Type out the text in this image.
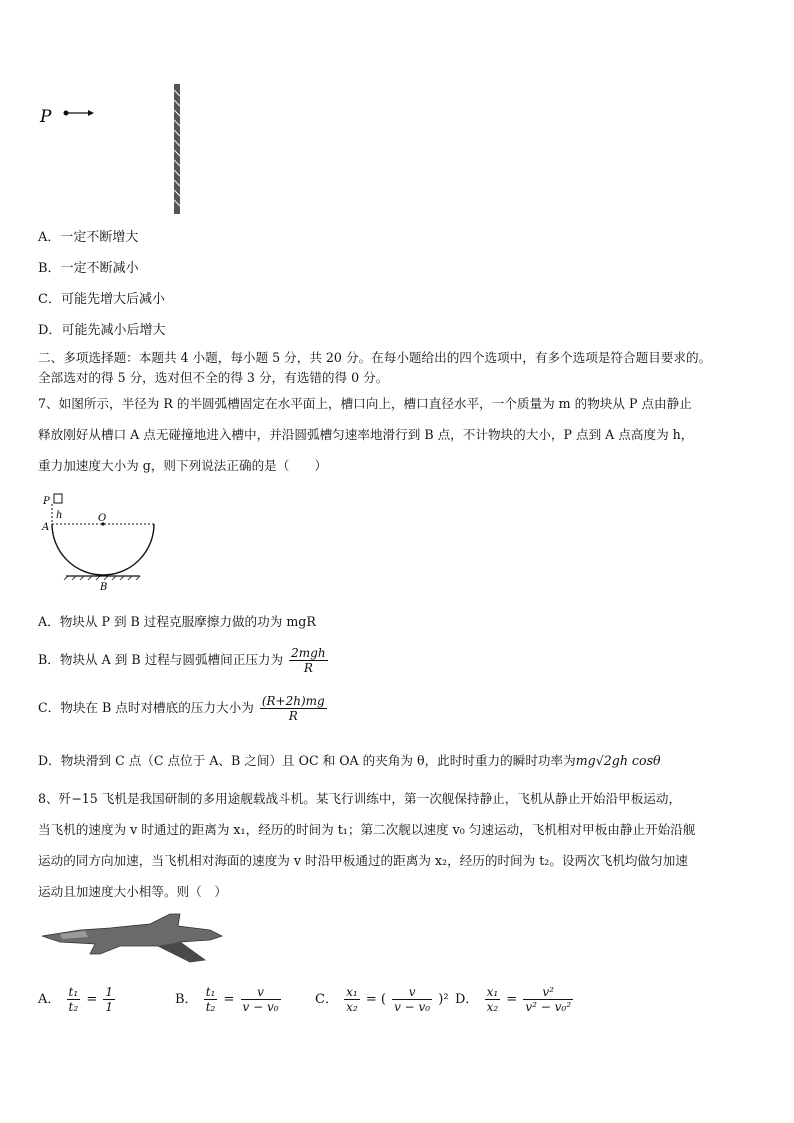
P
A．一定不断增大
B．一定不断减小
C．可能先增大后减小
D．可能先减小后增大
二、多项选择题：本题共 4 小题，每小题 5 分，共 20 分。在每小题给出的四个选项中，有多个选项是符合题目要求的。
全部选对的得 5 分，选对但不全的得 3 分，有选错的得 0 分。
7、如图所示，半径为 R 的半圆弧槽固定在水平面上，槽口向上，槽口直径水平，一个质量为 m 的物块从 P 点由静止
释放刚好从槽口 A 点无碰撞地进入槽中，并沿圆弧槽匀速率地滑行到 B 点，不计物块的大小，P 点到 A 点高度为 h，
重力加速度大小为 g，则下列说法正确的是（　　）
P
h
A
O
B
A．物块从 P 到 B 过程克服摩擦力做的功为 mgR
B．物块从 A 到 B 过程与圆弧槽间正压力为 $\frac{\text{2mgh}}{R}$
C．物块在 B 点时对槽底的压力大小为 $\frac{(R+2h)mg}{R}$
D．物块滑到 C 点（C 点位于 A、B 之间）且 OC 和 OA 的夹角为 θ，此时时重力的瞬时功率为mg√2gh cosθ
8、歼−15 飞机是我国研制的多用途舰载战斗机。某飞行训练中，第一次舰保持静止，飞机从静止开始沿甲板运动，
当飞机的速度为 v 时通过的距离为 x₁，经历的时间为 t₁；第二次舰以速度 v₀ 匀速运动，飞机相对甲板由静止开始沿舰
运动的同方向加速，当飞机相对海面的速度为 v 时沿甲板通过的距离为 x₂，经历的时间为 t₂。设两次飞机均做匀加速
运动且加速度大小相等。则（　）
A． $\frac{\text{t₁}}{\text{t₂}} = \frac{1}{1}$	B． $\frac{\text{t₁}}{\text{t₂}} = \frac{v}{\text{v − v₀}}$	C． $\frac{\text{x₁}}{\text{x₂}}$ = ( $\frac{v}{\text{v − v₀}} )^2$ D． $\frac{\text{x₁}}{\text{x₂}} = \frac{\text{v²}}{\text{v² − v₀²}}$
